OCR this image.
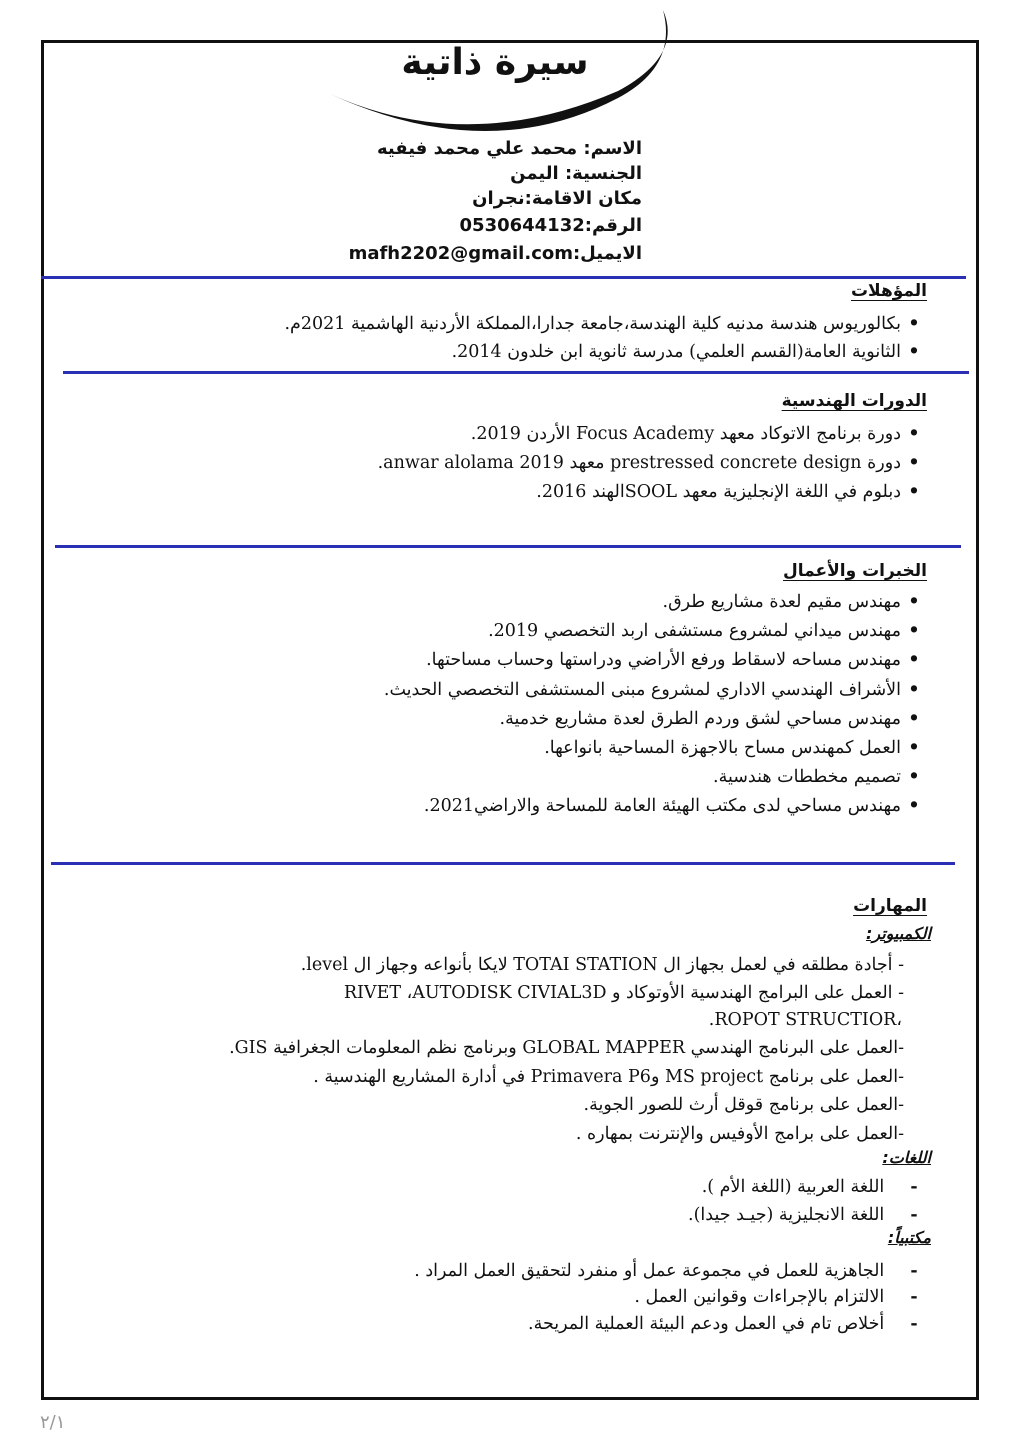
سيرة ذاتية
الاسم: محمد علي محمد فيفيه
الجنسية: اليمن
مكان الاقامة:نجران
الرقم:0530644132
الايميل:mafh2202@gmail.com
المؤهلات
•بكالوريوس هندسة مدنيه كلية الهندسة،جامعة جدارا،المملكة الأردنية الهاشمية 2021م.
•الثانوية العامة(القسم العلمي) مدرسة ثانوية ابن خلدون 2014.
الدورات الهندسية
•دورة برنامج الاتوكاد معهد Focus Academy الأردن 2019.
•دورة prestressed concrete design معهد anwar alolama 2019.
•دبلوم في اللغة الإنجليزية معهد SOOLالهند 2016.
الخبرات والأعمال
•مهندس مقيم لعدة مشاريع طرق.
•مهندس ميداني لمشروع مستشفى اربد التخصصي 2019.
•مهندس مساحه لاسقاط ورفع الأراضي ودراستها وحساب مساحتها.
•الأشراف الهندسي الاداري لمشروع مبنى المستشفى التخصصي الحديث.
•مهندس مساحي لشق وردم الطرق لعدة مشاريع خدمية.
•العمل كمهندس مساح بالاجهزة المساحية بانواعها.
•تصميم مخططات هندسية.
•مهندس مساحي لدى مكتب الهيئة العامة للمساحة والاراضي2021.
المهارات
الكمبيوتر:
- أجادة مطلقه في لعمل بجهاز ال TOTAI STATION لايكا بأنواعه وجهاز ال level.
- العمل على البرامج الهندسية الأوتوكاد و RIVET ،AUTODISK CIVIAL3D
،ROPOT STRUCTIOR.
-العمل على البرنامج الهندسي GLOBAL MAPPER وبرنامج نظم المعلومات الجغرافية GIS.
-العمل على برنامج MS project وPrimavera P6 في أدارة المشاريع الهندسية .
-العمل على برنامج قوقل أرث للصور الجوية.
-العمل على برامج الأوفيس والإنترنت بمهاره .
اللغات:
-   اللغة العربية (اللغة الأم ).
-   اللغة الانجليزية (جيـد جيدا).
مكتبياً:
-   الجاهزية للعمل في مجموعة عمل أو منفرد لتحقيق العمل المراد .
-   الالتزام بالإجراءات وقوانين العمل .
-   أخلاص تام في العمل ودعم البيئة العملية المريحة.
٢/١
